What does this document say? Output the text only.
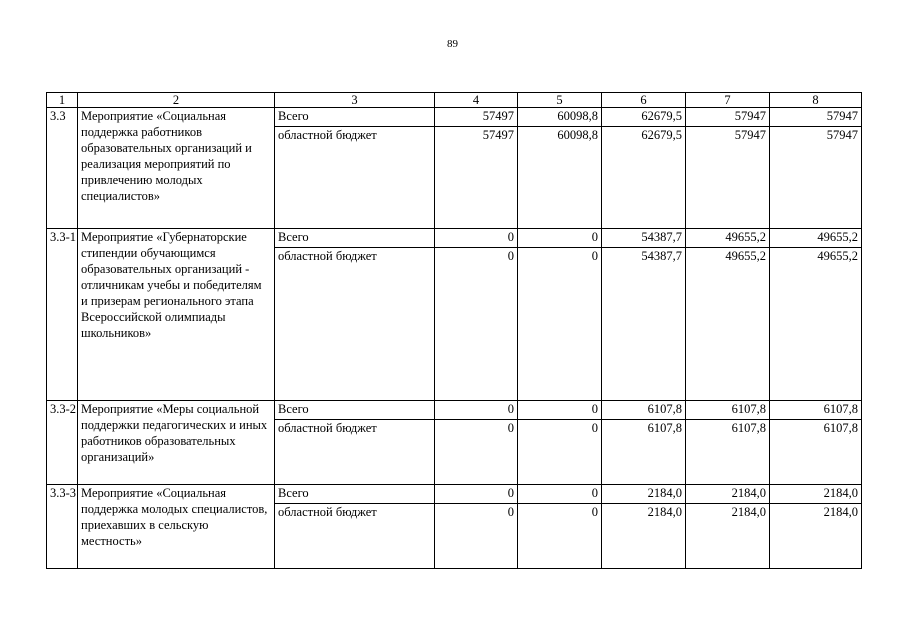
89
1	2	3	4	5	6	7	8
3.3	Мероприятие «Социальная поддержка работников образовательных организаций и реализация мероприятий по привлечению молодых специалистов»	Всего	57497	60098,8	62679,5	57947	57947
		областной бюджет	57497	60098,8	62679,5	57947	57947
3.3-1	Мероприятие «Губернаторские стипендии обучающимся образовательных организаций - отличникам учебы и победителям и призерам регионального этапа Всероссийской олимпиады школьников»	Всего	0	0	54387,7	49655,2	49655,2
		областной бюджет	0	0	54387,7	49655,2	49655,2
3.3-2	Мероприятие «Меры социальной поддержки педагогических и иных работников образовательных организаций»	Всего	0	0	6107,8	6107,8	6107,8
		областной бюджет	0	0	6107,8	6107,8	6107,8
3.3-3	Мероприятие «Социальная поддержка молодых специалистов, приехавших в сельскую местность»	Всего	0	0	2184,0	2184,0	2184,0
		областной бюджет	0	0	2184,0	2184,0	2184,0
